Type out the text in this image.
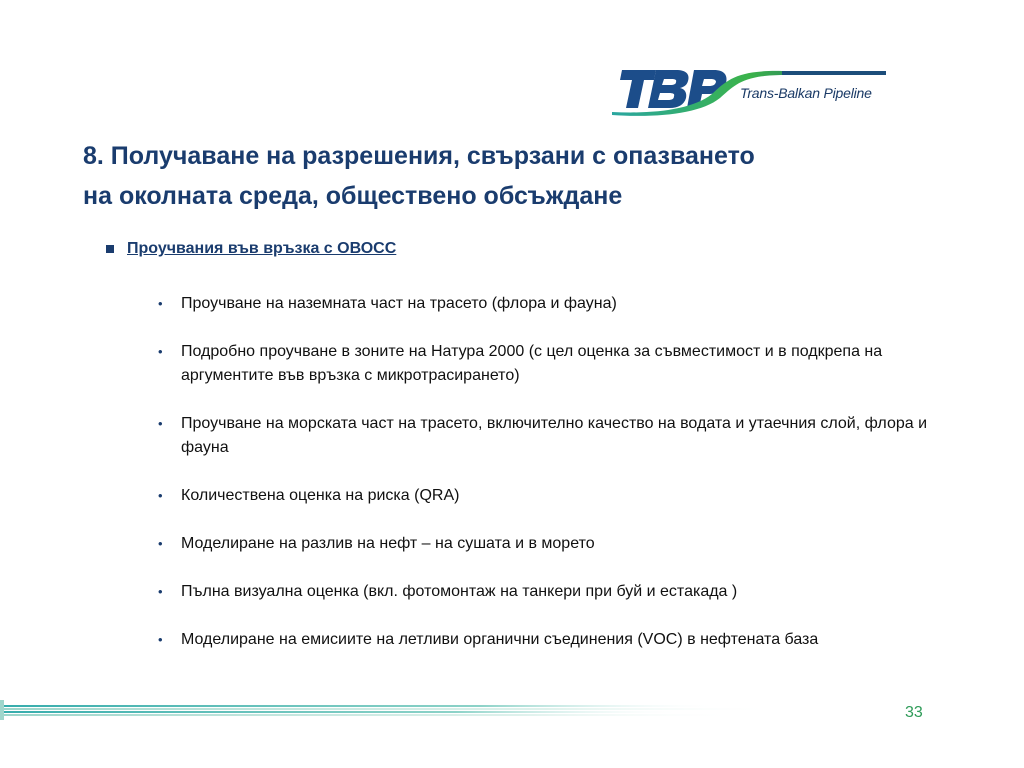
Trans-Balkan Pipeline
8. Получаване на разрешения, свързани с опазването
на околната среда, обществено обсъждане
Проучвания във връзка с ОВОСС
• Проучване на наземната част на трасето (флора и фауна)
• Подробно проучване в зоните на Натура 2000 (с цел оценка за съвместимост и в подкрепа на аргументите във връзка с микротрасирането)
• Проучване на морската част на трасето, включително качество на водата и утаечния слой, флора и фауна
• Количествена оценка на риска (QRA)
• Моделиране на разлив на нефт – на сушата и в морето
• Пълна визуална оценка (вкл. фотомонтаж на танкери при буй и естакада )
• Моделиране на емисиите на летливи органични съединения (VOC) в нефтената база
33
